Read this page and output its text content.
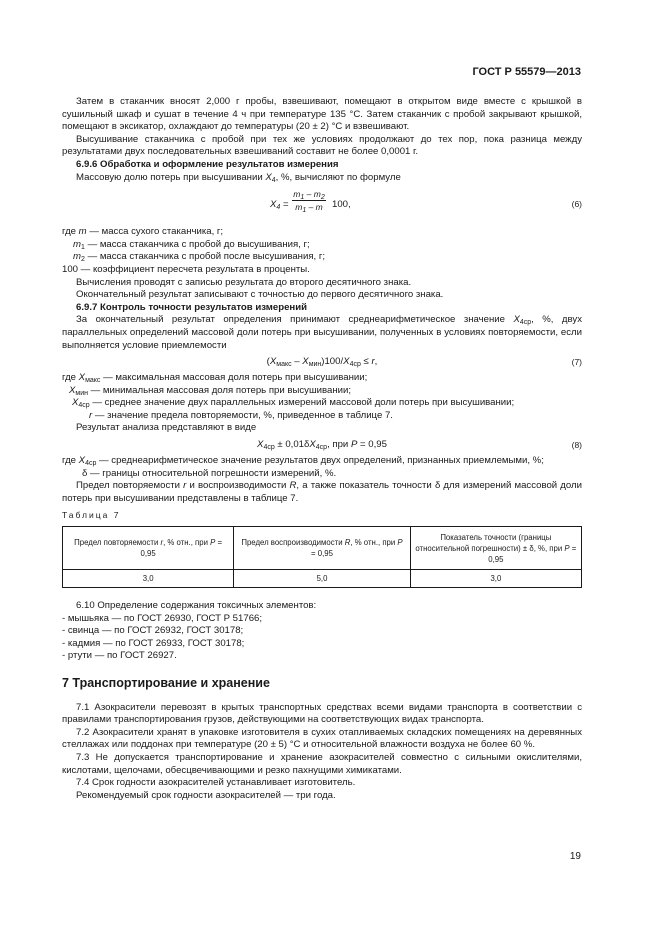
ГОСТ Р 55579—2013

Затем в стаканчик вносят 2,000 г пробы, взвешивают, помещают в открытом виде вместе с крышкой в сушильный шкаф и сушат в течение 4 ч при температуре 135 °С. Затем стаканчик с пробой закрывают крышкой, помещают в эксикатор, охлаждают до температуры (20 ± 2) °С и взвешивают.

Высушивание стаканчика с пробой при тех же условиях продолжают до тех пор, пока разница между результатами двух последовательных взвешиваний составит не более 0,0001 г.

6.9.6 Обработка и оформление результатов измерения

Массовую долю потерь при высушивании $X_4$, %, вычисляют по формуле

$X_4 = \frac{m_1 - m_2}{m_1 - m} 100$,	(6)
где m — масса сухого стаканчика, г;
$m_1$ — масса стаканчика с пробой до высушивания, г;
$m_2$ — масса стаканчика с пробой после высушивания, г;
100 — коэффициент пересчета результата в проценты.

Вычисления проводят с записью результата до второго десятичного знака.

Окончательный результат записывают с точностью до первого десятичного знака.

6.9.7 Контроль точности результатов измерений

За окончательный результат определения принимают среднеарифметическое значение $X_{4ср}$, %, двух параллельных определений массовой доли потерь при высушивании, полученных в условиях повторяемости, если выполняется условие приемлемости

$(X_{макс} - X_{мин})100/X_{4ср} \le r$,	(7)
где $X_{макс}$ — максимальная массовая доля потерь при высушивании;
$X_{мин}$ — минимальная массовая доля потерь при высушивании;
$X_{4ср}$ — среднее значение двух параллельных измерений массовой доли потерь при высушивании;
r — значение предела повторяемости, %, приведенное в таблице 7.

Результат анализа представляют в виде

$X_{4ср} \pm 0,01\delta X_{4ср}$, при P = 0,95	(8)
где $X_{4ср}$ — среднеарифметическое значение результатов двух определений, признанных приемлемыми, %;
δ — границы относительной погрешности измерений, %.

Предел повторяемости r и воспроизводимости R, а также показатель точности δ для измерений массовой доли потерь при высушивании представлены в таблице 7.

Таблица 7
Предел повторяемости r, % отн., при P = 0,95	Предел воспроизводимости R, % отн., при P = 0,95	Показатель точности (границы относительной погрешности) ± δ, %, при P = 0,95
3,0	5,0	3,0

6.10 Определение содержания токсичных элементов:

- мышьяка — по ГОСТ 26930, ГОСТ Р 51766;

- свинца — по ГОСТ 26932, ГОСТ 30178;

- кадмия — по ГОСТ 26933, ГОСТ 30178;

- ртути — по ГОСТ 26927.

7 Транспортирование и хранение

7.1 Азокрасители перевозят в крытых транспортных средствах всеми видами транспорта в соответствии с правилами транспортирования грузов, действующими на соответствующих видах транспорта.

7.2 Азокрасители хранят в упаковке изготовителя в сухих отапливаемых складских помещениях на деревянных стеллажах или поддонах при температуре (20 ± 5) °С и относительной влажности воздуха не более 60 %.

7.3 Не допускается транспортирование и хранение азокрасителей совместно с сильными окислителями, кислотами, щелочами, обесцвечивающими и резко пахнущими химикатами.

7.4 Срок годности азокрасителей устанавливает изготовитель.

Рекомендуемый срок годности азокрасителей — три года.

19
